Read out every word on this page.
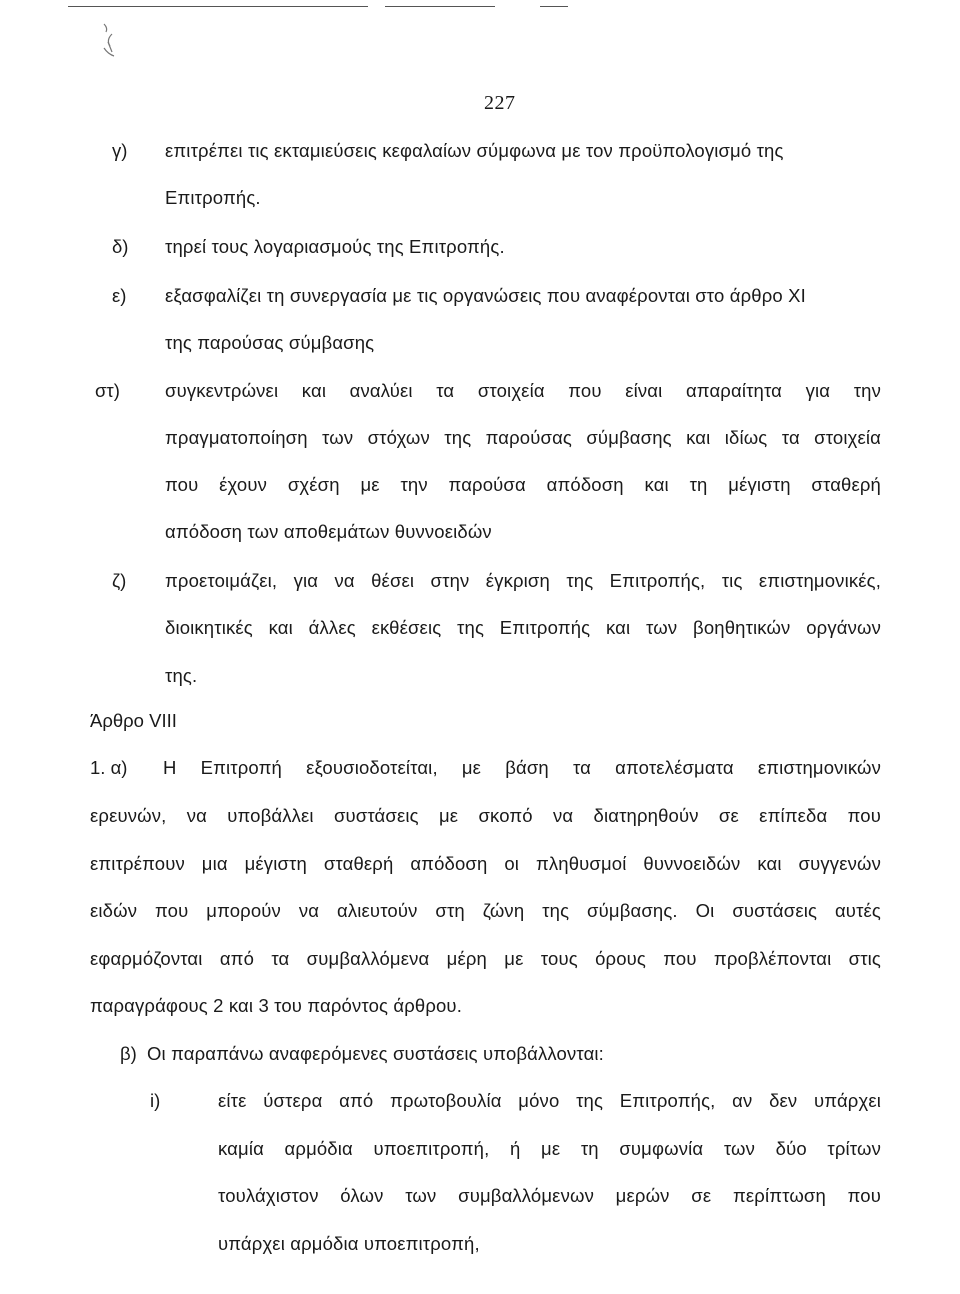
227
γ) επιτρέπει τις εκταμιεύσεις κεφαλαίων σύμφωνα με τον προϋπολογισμό της
Επιτροπής.
δ) τηρεί τους λογαριασμούς της Επιτροπής.
ε) εξασφαλίζει τη συνεργασία με τις οργανώσεις που αναφέρονται στο άρθρο XI
της παρούσας σύμβασης
στ) συγκεντρώνει και αναλύει τα στοιχεία που είναι απαραίτητα για την
πραγματοποίηση των στόχων της παρούσας σύμβασης και ιδίως τα στοιχεία
που έχουν σχέση με την παρούσα απόδοση και τη μέγιστη σταθερή
απόδοση των αποθεμάτων θυννοειδών
ζ) προετοιμάζει, για να θέσει στην έγκριση της Επιτροπής, τις επιστημονικές,
διοικητικές και άλλες εκθέσεις της Επιτροπής και των βοηθητικών οργάνων
της.
Άρθρο VIII
1. α) Η Επιτροπή εξουσιοδοτείται, με βάση τα αποτελέσματα επιστημονικών
ερευνών, να υποβάλλει συστάσεις με σκοπό να διατηρηθούν σε επίπεδα που
επιτρέπουν μια μέγιστη σταθερή απόδοση οι πληθυσμοί θυννοειδών και συγγενών
ειδών που μπορούν να αλιευτούν στη ζώνη της σύμβασης. Οι συστάσεις αυτές
εφαρμόζονται από τα συμβαλλόμενα μέρη με τους όρους που προβλέπονται στις
παραγράφους 2 και 3 του παρόντος άρθρου.
β) Οι παραπάνω αναφερόμενες συστάσεις υποβάλλονται:
i)	είτε ύστερα από πρωτοβουλία μόνο της Επιτροπής, αν δεν υπάρχει
καμία αρμόδια υποεπιτροπή, ή με τη συμφωνία των δύο τρίτων
τουλάχιστον όλων των συμβαλλόμενων μερών σε περίπτωση που
υπάρχει αρμόδια υποεπιτροπή,
